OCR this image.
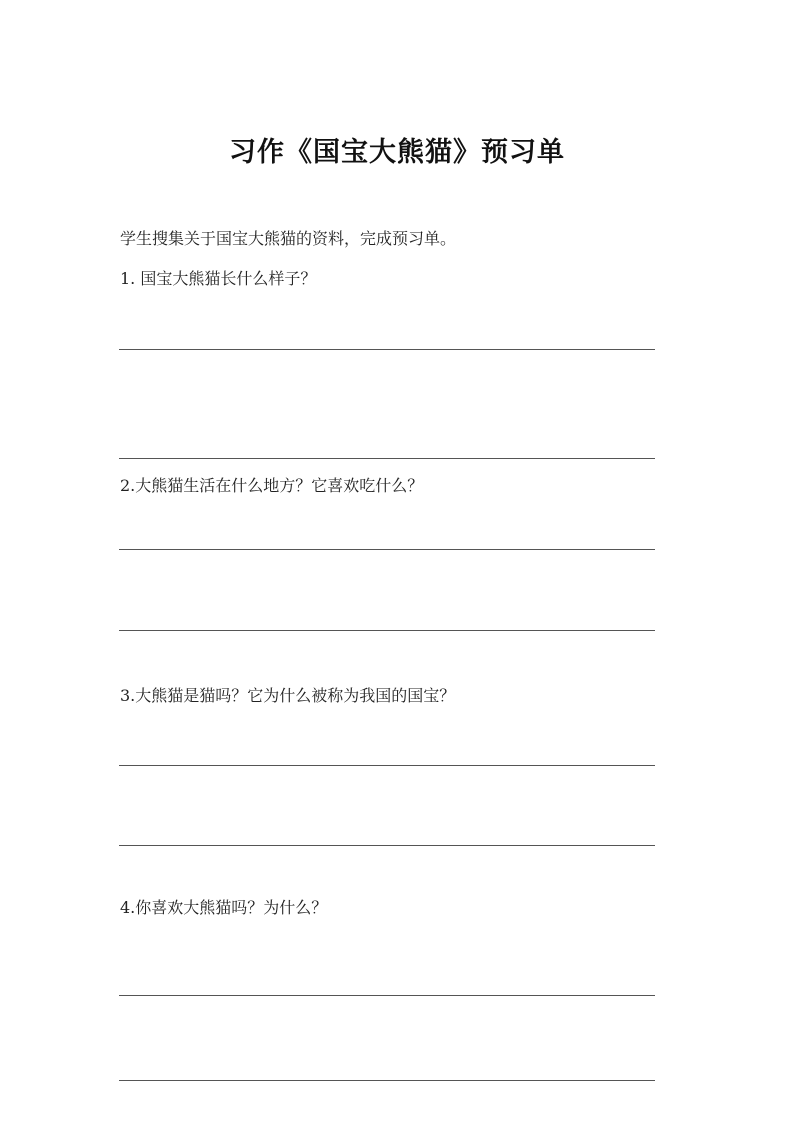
习作《国宝大熊猫》预习单
学生搜集关于国宝大熊猫的资料，完成预习单。
1. 国宝大熊猫长什么样子？
2.大熊猫生活在什么地方？它喜欢吃什么？
3.大熊猫是猫吗？它为什么被称为我国的国宝？
4.你喜欢大熊猫吗？为什么？
